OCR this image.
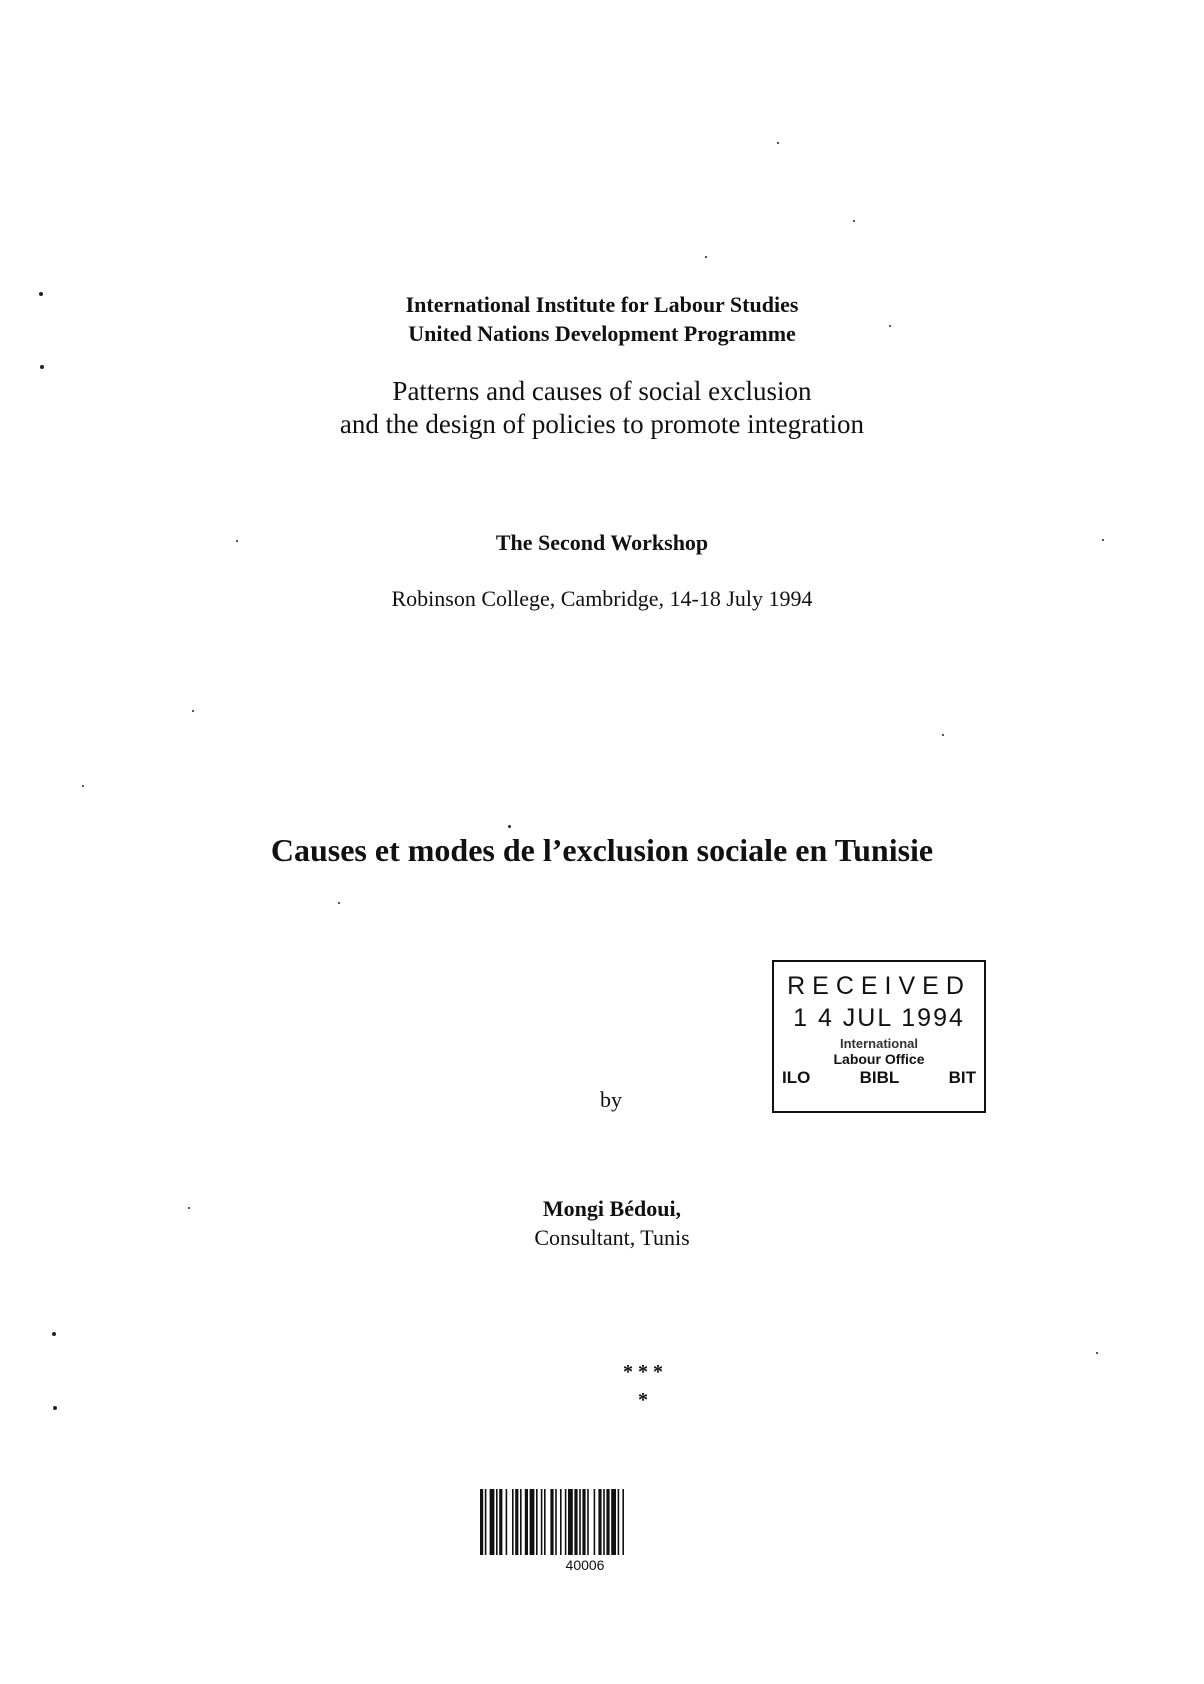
International Institute for Labour Studies
United Nations Development Programme
Patterns and causes of social exclusion
and the design of policies to promote integration
The Second Workshop
Robinson College, Cambridge, 14-18 July 1994
Causes et modes de l’exclusion sociale en Tunisie
by
RECEIVED
1 4 JUL 1994
International
Labour Office
ILO	BIBL	BIT
Mongi Bédoui,
Consultant, Tunis
* * *
*
40006
